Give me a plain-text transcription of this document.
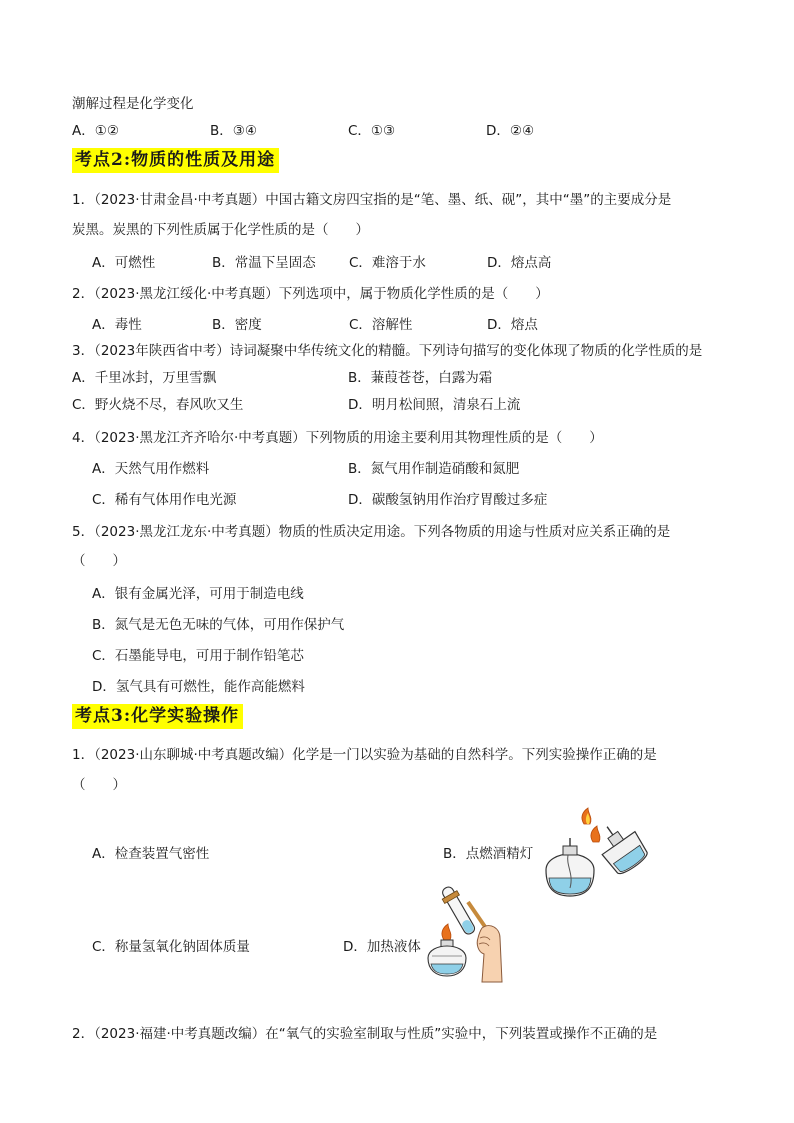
潮解过程是化学变化
A．①②	B．③④	C．①③	D．②④
考点2:物质的性质及用途
1．（2023·甘肃金昌·中考真题）中国古籍文房四宝指的是“笔、墨、纸、砚”，其中“墨”的主要成分是
炭黑。炭黑的下列性质属于化学性质的是（　　）
A．可燃性	B．常温下呈固态 C．难溶于水	D．熔点高
2．（2023·黑龙江绥化·中考真题）下列选项中，属于物质化学性质的是（　　）
A．毒性	B．密度	C．溶解性	D．熔点
3．（2023年陕西省中考）诗词凝聚中华传统文化的精髓。下列诗句描写的变化体现了物质的化学性质的是
A．千里冰封，万里雪飘	B．蒹葭苍苍，白露为霜
C．野火烧不尽，春风吹又生	D．明月松间照，清泉石上流
4．（2023·黑龙江齐齐哈尔·中考真题）下列物质的用途主要利用其物理性质的是（　　）
A．天然气用作燃料	B．氮气用作制造硝酸和氮肥
C．稀有气体用作电光源	D．碳酸氢钠用作治疗胃酸过多症
5．（2023·黑龙江龙东·中考真题）物质的性质决定用途。下列各物质的用途与性质对应关系正确的是
（　　）
A．银有金属光泽，可用于制造电线
B．氮气是无色无味的气体，可用作保护气
C．石墨能导电，可用于制作铅笔芯
D．氢气具有可燃性，能作高能燃料
考点3:化学实验操作
1．（2023·山东聊城·中考真题改编）化学是一门以实验为基础的自然科学。下列实验操作正确的是
（　　）
A．检查装置气密性	B．点燃酒精灯
C．称量氢氧化钠固体质量	D．加热液体
2．（2023·福建·中考真题改编）在“氧气的实验室制取与性质”实验中，下列装置或操作不正确的是
